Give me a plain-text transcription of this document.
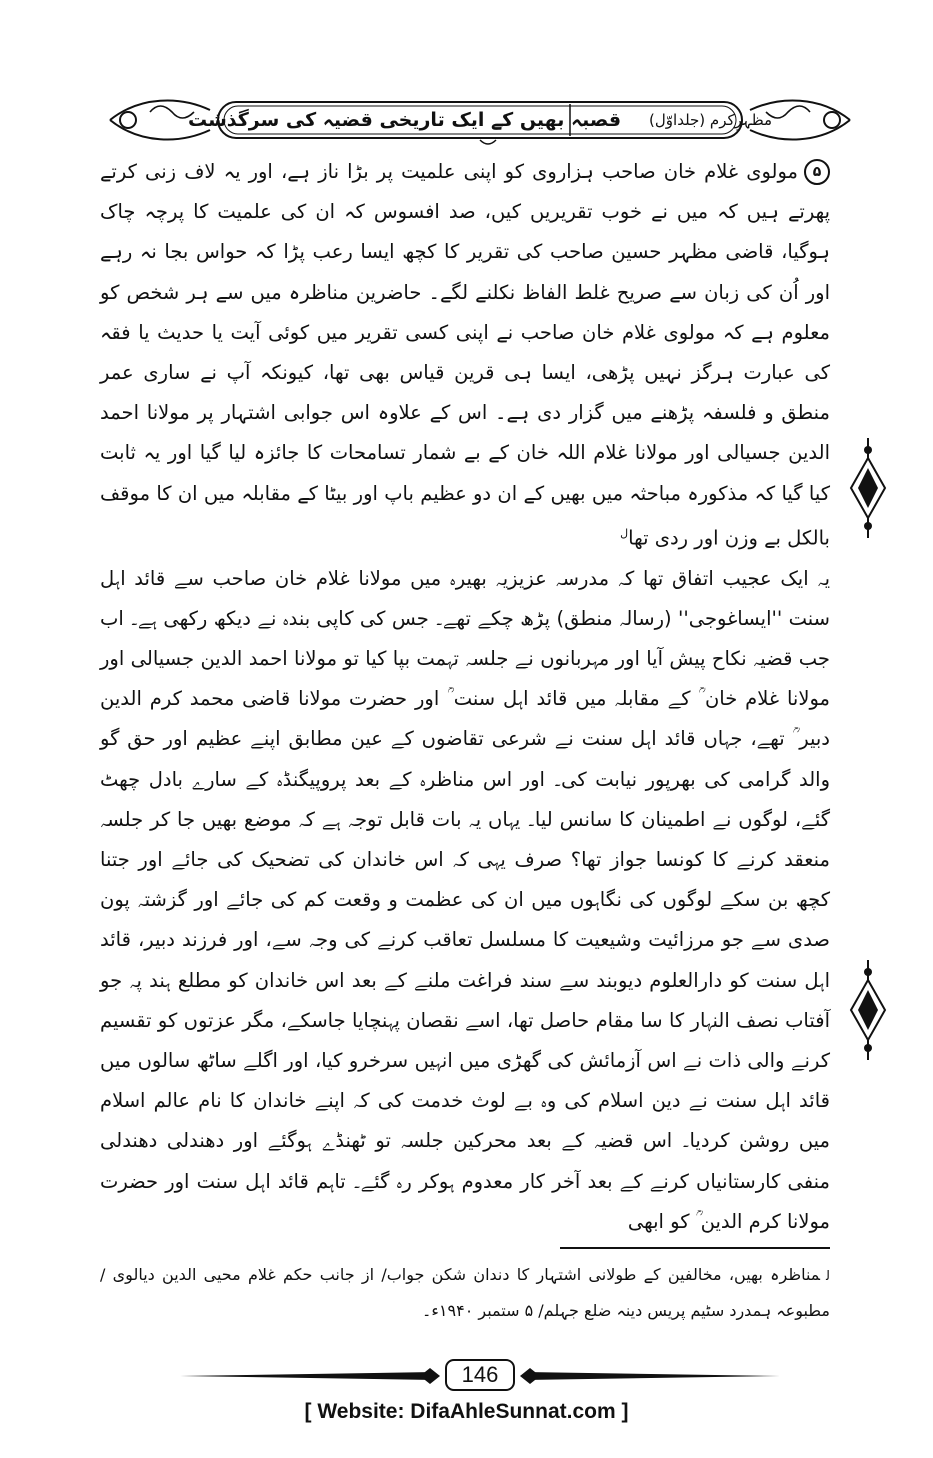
مظہرِکرم (جلداوّل)
قصبہ بھیں کے ایک تاریخی قضیہ کی سرگذشت

۵مولوی غلام خان صاحب ہزاروی کو اپنی علمیت پر بڑا ناز ہے، اور یہ لاف زنی کرتے پھرتے ہیں کہ میں نے خوب تقریریں کیں، صد افسوس کہ ان کی علمیت کا پرچہ چاک ہوگیا، قاضی مظہر حسین صاحب کی تقریر کا کچھ ایسا رعب پڑا کہ حواس بجا نہ رہے اور اُن کی زبان سے صریح غلط الفاظ نکلنے لگے۔ حاضرین مناظرہ میں سے ہر شخص کو معلوم ہے کہ مولوی غلام خان صاحب نے اپنی کسی تقریر میں کوئی آیت یا حدیث یا فقہ کی عبارت ہرگز نہیں پڑھی، ایسا ہی قرین قیاس بھی تھا، کیونکہ آپ نے ساری عمر منطق و فلسفہ پڑھنے میں گزار دی ہے۔ اس کے علاوہ اس جوابی اشتہار پر مولانا احمد الدین جسیالی اور مولانا غلام اللہ خان کے بے شمار تسامحات کا جائزہ لیا گیا اور یہ ثابت کیا گیا کہ مذکورہ مباحثہ میں بھیں کے ان دو عظیم باپ اور بیٹا کے مقابلہ میں ان کا موقف بالکل بے وزن اور ردی تھا$^ل$

یہ ایک عجیب اتفاق تھا کہ مدرسہ عزیزیہ بھیرہ میں مولانا غلام خان صاحب سے قائد اہل سنت ''ایساغوجی'' (رسالہ منطق) پڑھ چکے تھے۔ جس کی کاپی بندہ نے دیکھ رکھی ہے۔ اب جب قضیہ نکاح پیش آیا اور مہربانوں نے جلسہ تہمت بپا کیا تو مولانا احمد الدین جسیالی اور مولانا غلام خان ؒ کے مقابلہ میں قائد اہل سنت ؒ اور حضرت مولانا قاضی محمد کرم الدین دبیر ؒ تھے، جہاں قائد اہل سنت نے شرعی تقاضوں کے عین مطابق اپنے عظیم اور حق گو والد گرامی کی بھرپور نیابت کی۔ اور اس مناظرہ کے بعد پروپیگنڈہ کے سارے بادل چھٹ گئے، لوگوں نے اطمینان کا سانس لیا۔ یہاں یہ بات قابل توجہ ہے کہ موضع بھیں جا کر جلسہ منعقد کرنے کا کونسا جواز تھا؟ صرف یہی کہ اس خاندان کی تضحیک کی جائے اور جتنا کچھ بن سکے لوگوں کی نگاہوں میں ان کی عظمت و وقعت کم کی جائے اور گزشتہ پون صدی سے جو مرزائیت وشیعیت کا مسلسل تعاقب کرنے کی وجہ سے، اور فرزند دبیر، قائد اہل سنت کو دارالعلوم دیوبند سے سند فراغت ملنے کے بعد اس خاندان کو مطلع ہند پہ جو آفتاب نصف النہار کا سا مقام حاصل تھا، اسے نقصان پہنچایا جاسکے، مگر عزتوں کو تقسیم کرنے والی ذات نے اس آزمائش کی گھڑی میں انہیں سرخرو کیا، اور اگلے ساٹھ سالوں میں قائد اہل سنت نے دین اسلام کی وہ بے لوث خدمت کی کہ اپنے خاندان کا نام عالم اسلام میں روشن کردیا۔ اس قضیہ کے بعد محرکین جلسہ تو ٹھنڈے ہوگئے اور دھندلی دھندلی منفی کارستانیاں کرنے کے بعد آخر کار معدوم ہوکر رہ گئے۔ تاہم قائد اہل سنت اور حضرت مولانا کرم الدین ؒ کو ابھی

لمناظرہ بھیں، مخالفین کے طولانی اشتہار کا دندان شکن جواب/ از جانب حکم غلام محیی الدین دیالوی / مطبوعہ ہمدرد سٹیم پریس دینہ ضلع جہلم/ ۵ ستمبر ۱۹۴۰ء۔
146
[ Website: DifaAhleSunnat.com ]
